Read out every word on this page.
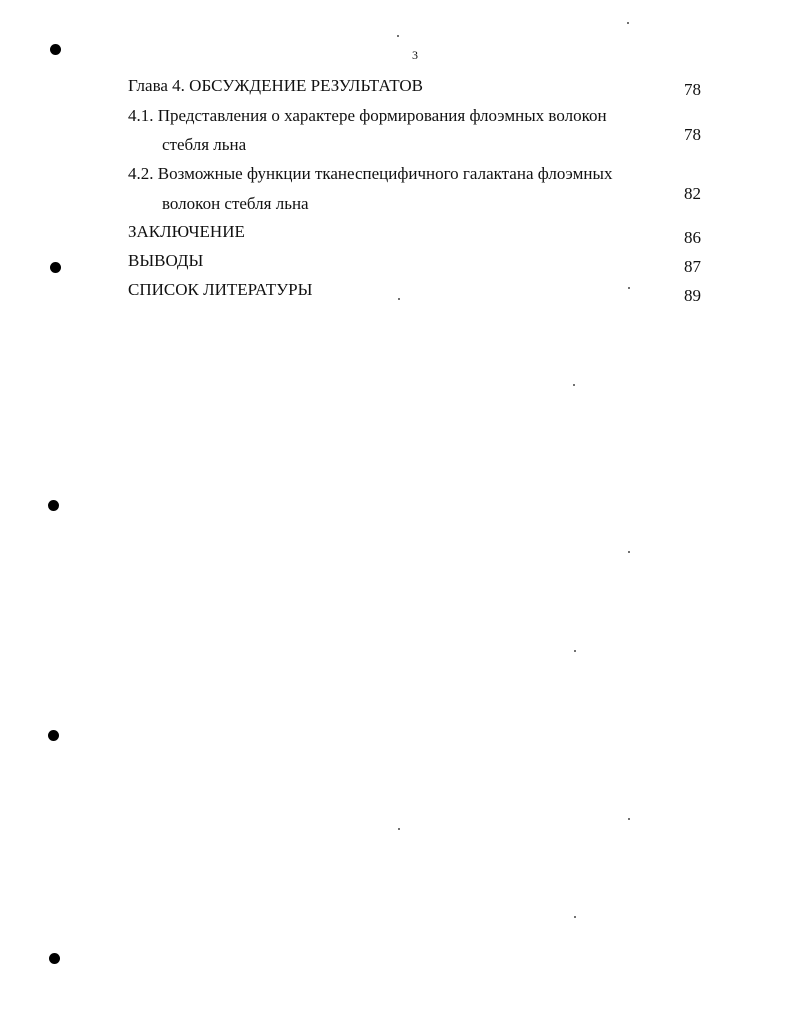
3
Глава 4. ОБСУЖДЕНИЕ РЕЗУЛЬТАТОВ	78
4.1. Представления о характере формирования флоэмных волокон
стебля льна
78
4.2. Возможные функции тканеспецифичного галактана флоэмных
волокон стебля льна
82
ЗАКЛЮЧЕНИЕ	86
ВЫВОДЫ	87
СПИСОК ЛИТЕРАТУРЫ	89
